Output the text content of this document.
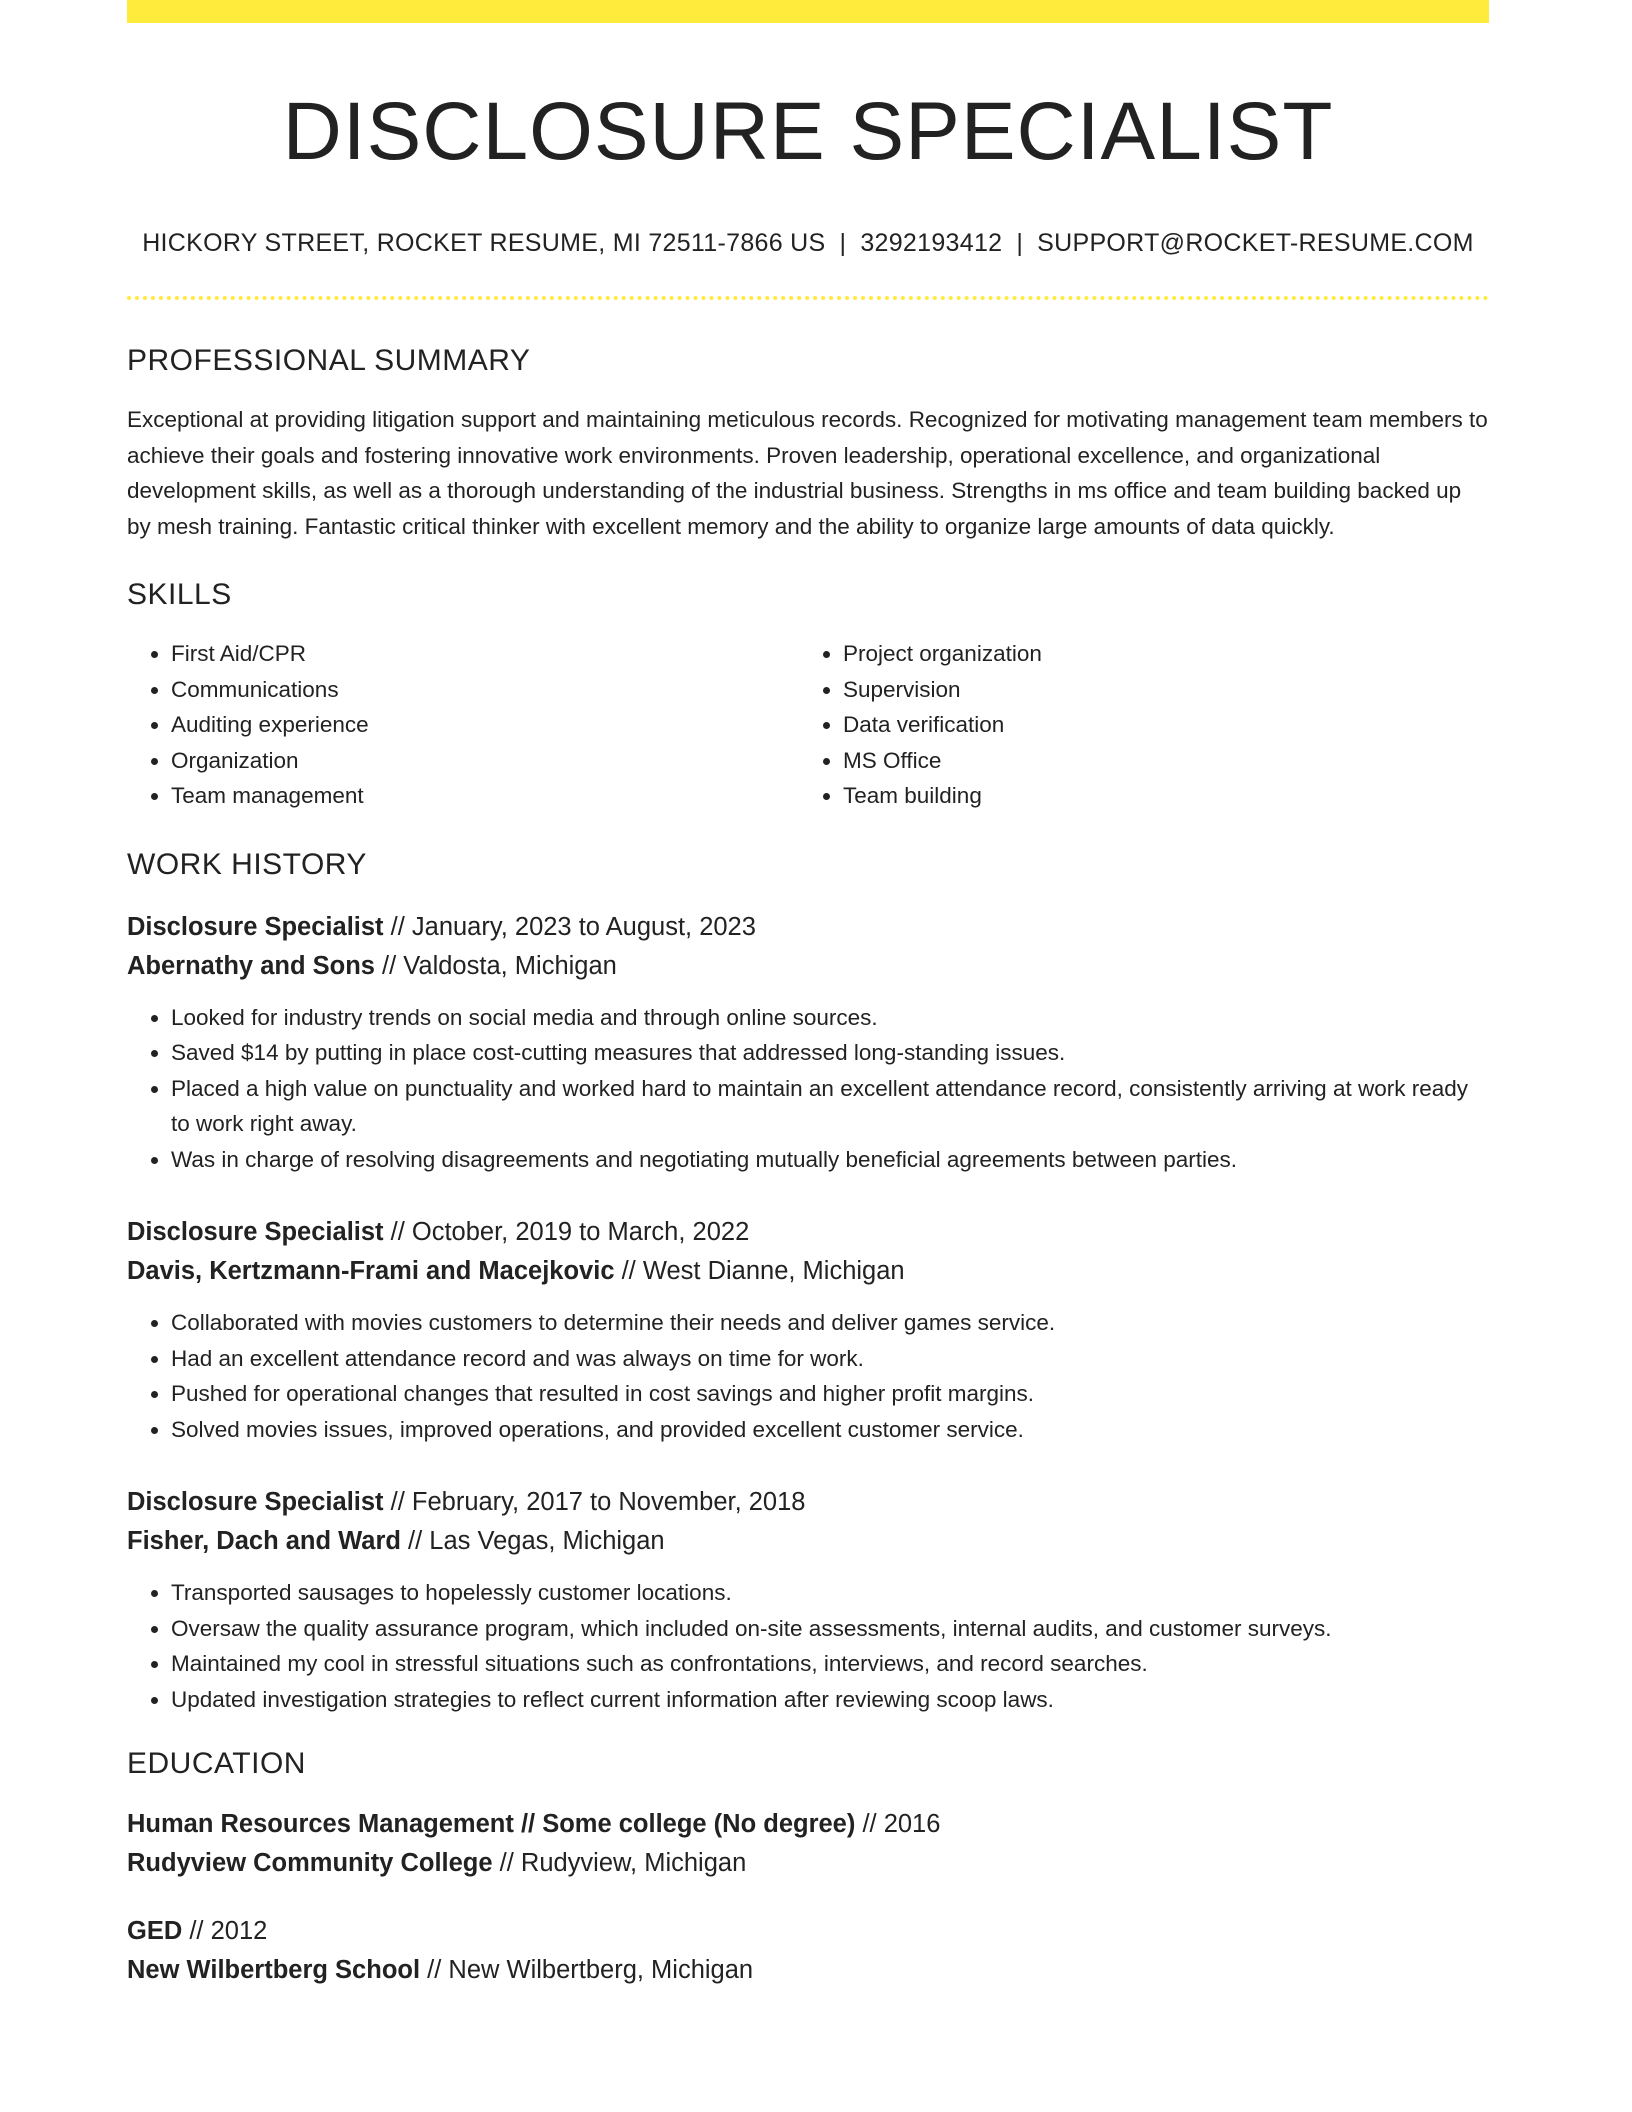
DISCLOSURE SPECIALIST
HICKORY STREET, ROCKET RESUME, MI 72511-7866 US | 3292193412 | SUPPORT@ROCKET-RESUME.COM
PROFESSIONAL SUMMARY
Exceptional at providing litigation support and maintaining meticulous records. Recognized for motivating management team members to achieve their goals and fostering innovative work environments. Proven leadership, operational excellence, and organizational development skills, as well as a thorough understanding of the industrial business. Strengths in ms office and team building backed up by mesh training. Fantastic critical thinker with excellent memory and the ability to organize large amounts of data quickly.
SKILLS
• First Aid/CPR
• Communications
• Auditing experience
• Organization
• Team management
• Project organization
• Supervision
• Data verification
• MS Office
• Team building
WORK HISTORY
Disclosure Specialist // January, 2023 to August, 2023
Abernathy and Sons // Valdosta, Michigan
• Looked for industry trends on social media and through online sources.
• Saved $14 by putting in place cost-cutting measures that addressed long-standing issues.
• Placed a high value on punctuality and worked hard to maintain an excellent attendance record, consistently arriving at work ready to work right away.
• Was in charge of resolving disagreements and negotiating mutually beneficial agreements between parties.
Disclosure Specialist // October, 2019 to March, 2022
Davis, Kertzmann-Frami and Macejkovic // West Dianne, Michigan
• Collaborated with movies customers to determine their needs and deliver games service.
• Had an excellent attendance record and was always on time for work.
• Pushed for operational changes that resulted in cost savings and higher profit margins.
• Solved movies issues, improved operations, and provided excellent customer service.
Disclosure Specialist // February, 2017 to November, 2018
Fisher, Dach and Ward // Las Vegas, Michigan
• Transported sausages to hopelessly customer locations.
• Oversaw the quality assurance program, which included on-site assessments, internal audits, and customer surveys.
• Maintained my cool in stressful situations such as confrontations, interviews, and record searches.
• Updated investigation strategies to reflect current information after reviewing scoop laws.
EDUCATION
Human Resources Management // Some college (No degree) // 2016
Rudyview Community College // Rudyview, Michigan
GED // 2012
New Wilbertberg School // New Wilbertberg, Michigan
